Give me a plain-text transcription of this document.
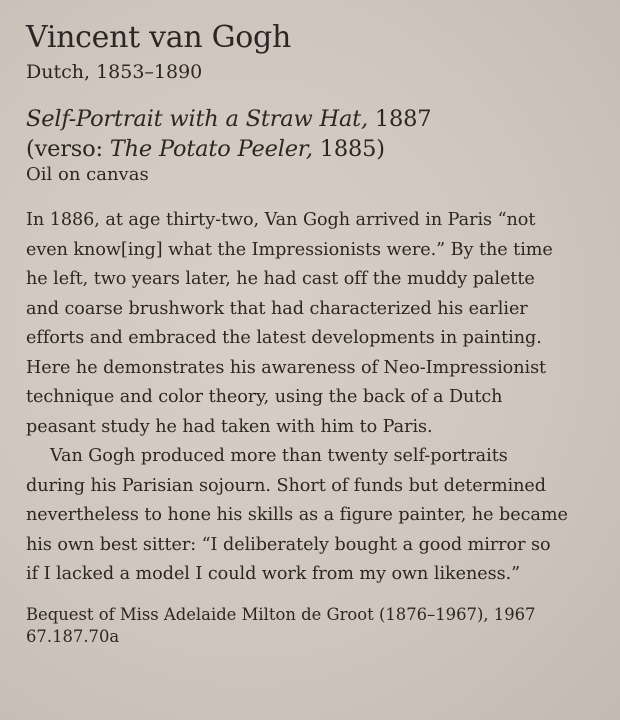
Vincent van Gogh

Dutch, 1853–1890

Self-Portrait with a Straw Hat, 1887

(verso: The Potato Peeler, 1885)

Oil on canvas

In 1886, at age thirty-two, Van Gogh arrived in Paris “not
even know[ing] what the Impressionists were.” By the time
he left, two years later, he had cast off the muddy palette
and coarse brushwork that had characterized his earlier
efforts and embraced the latest developments in painting.
Here he demonstrates his awareness of Neo-Impressionist
technique and color theory, using the back of a Dutch
peasant study he had taken with him to Paris.
Van Gogh produced more than twenty self-portraits
during his Parisian sojourn. Short of funds but determined
nevertheless to hone his skills as a figure painter, he became
his own best sitter: “I deliberately bought a good mirror so
if I lacked a model I could work from my own likeness.”
Bequest of Miss Adelaide Milton de Groot (1876–1967), 1967
67.187.70a
